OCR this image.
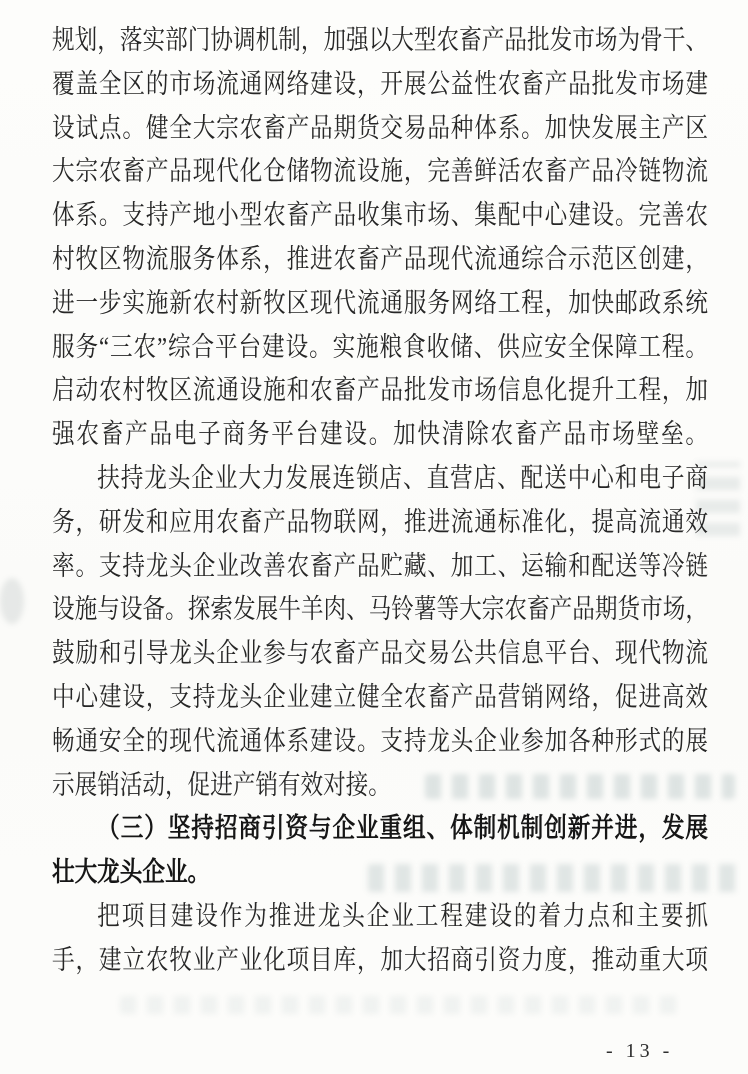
规划，落实部门协调机制，加强以大型农畜产品批发市场为骨干、
覆盖全区的市场流通网络建设，开展公益性农畜产品批发市场建
设试点。健全大宗农畜产品期货交易品种体系。加快发展主产区
大宗农畜产品现代化仓储物流设施，完善鲜活农畜产品冷链物流
体系。支持产地小型农畜产品收集市场、集配中心建设。完善农
村牧区物流服务体系，推进农畜产品现代流通综合示范区创建，
进一步实施新农村新牧区现代流通服务网络工程，加快邮政系统
服务“三农”综合平台建设。实施粮食收储、供应安全保障工程。
启动农村牧区流通设施和农畜产品批发市场信息化提升工程，加
强农畜产品电子商务平台建设。加快清除农畜产品市场壁垒。
扶持龙头企业大力发展连锁店、直营店、配送中心和电子商
务，研发和应用农畜产品物联网，推进流通标准化，提高流通效
率。支持龙头企业改善农畜产品贮藏、加工、运输和配送等冷链
设施与设备。探索发展牛羊肉、马铃薯等大宗农畜产品期货市场，
鼓励和引导龙头企业参与农畜产品交易公共信息平台、现代物流
中心建设，支持龙头企业建立健全农畜产品营销网络，促进高效
畅通安全的现代流通体系建设。支持龙头企业参加各种形式的展
示展销活动，促进产销有效对接。
（三）坚持招商引资与企业重组、体制机制创新并进，发展
壮大龙头企业。
把项目建设作为推进龙头企业工程建设的着力点和主要抓
手，建立农牧业产业化项目库，加大招商引资力度，推动重大项
- 13 -
